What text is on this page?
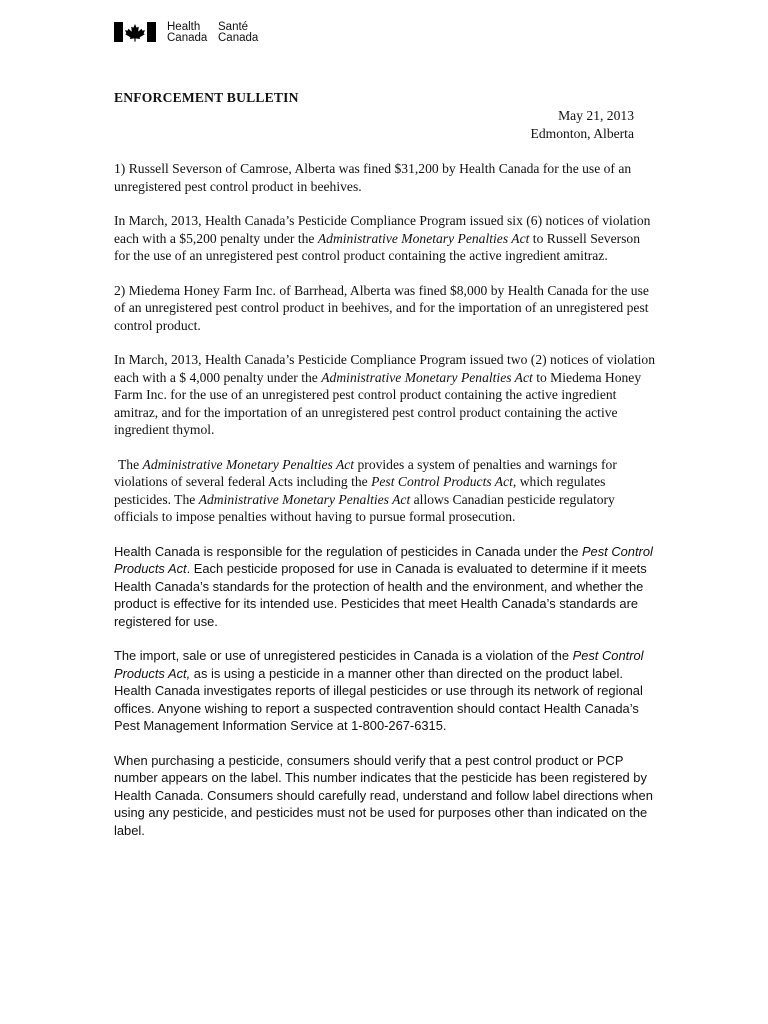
Health	Santé
Canada Canada
ENFORCEMENT BULLETIN
May 21, 2013
Edmonton, Alberta

1) Russell Severson of Camrose, Alberta was fined $31,200 by Health Canada for the use of an unregistered pest control product in beehives.

In March, 2013, Health Canada’s Pesticide Compliance Program issued six (6) notices of violation each with a $5,200 penalty under the Administrative Monetary Penalties Act to Russell Severson for the use of an unregistered pest control product containing the active ingredient amitraz.

2) Miedema Honey Farm Inc. of Barrhead, Alberta was fined $8,000 by Health Canada for the use of an unregistered pest control product in beehives, and for the importation of an unregistered pest control product.

In March, 2013, Health Canada’s Pesticide Compliance Program issued two (2) notices of violation each with a $ 4,000 penalty under the Administrative Monetary Penalties Act to Miedema Honey Farm Inc. for the use of an unregistered pest control product containing the active ingredient amitraz, and for the importation of an unregistered pest control product containing the active ingredient thymol.

The Administrative Monetary Penalties Act provides a system of penalties and warnings for violations of several federal Acts including the Pest Control Products Act, which regulates pesticides. The Administrative Monetary Penalties Act allows Canadian pesticide regulatory officials to impose penalties without having to pursue formal prosecution.

Health Canada is responsible for the regulation of pesticides in Canada under the Pest Control Products Act. Each pesticide proposed for use in Canada is evaluated to determine if it meets Health Canada’s standards for the protection of health and the environment, and whether the product is effective for its intended use. Pesticides that meet Health Canada’s standards are registered for use.

The import, sale or use of unregistered pesticides in Canada is a violation of the Pest Control Products Act, as is using a pesticide in a manner other than directed on the product label. Health Canada investigates reports of illegal pesticides or use through its network of regional offices. Anyone wishing to report a suspected contravention should contact Health Canada’s Pest Management Information Service at 1-800-267-6315.

When purchasing a pesticide, consumers should verify that a pest control product or PCP number appears on the label. This number indicates that the pesticide has been registered by Health Canada. Consumers should carefully read, understand and follow label directions when using any pesticide, and pesticides must not be used for purposes other than indicated on the label.
